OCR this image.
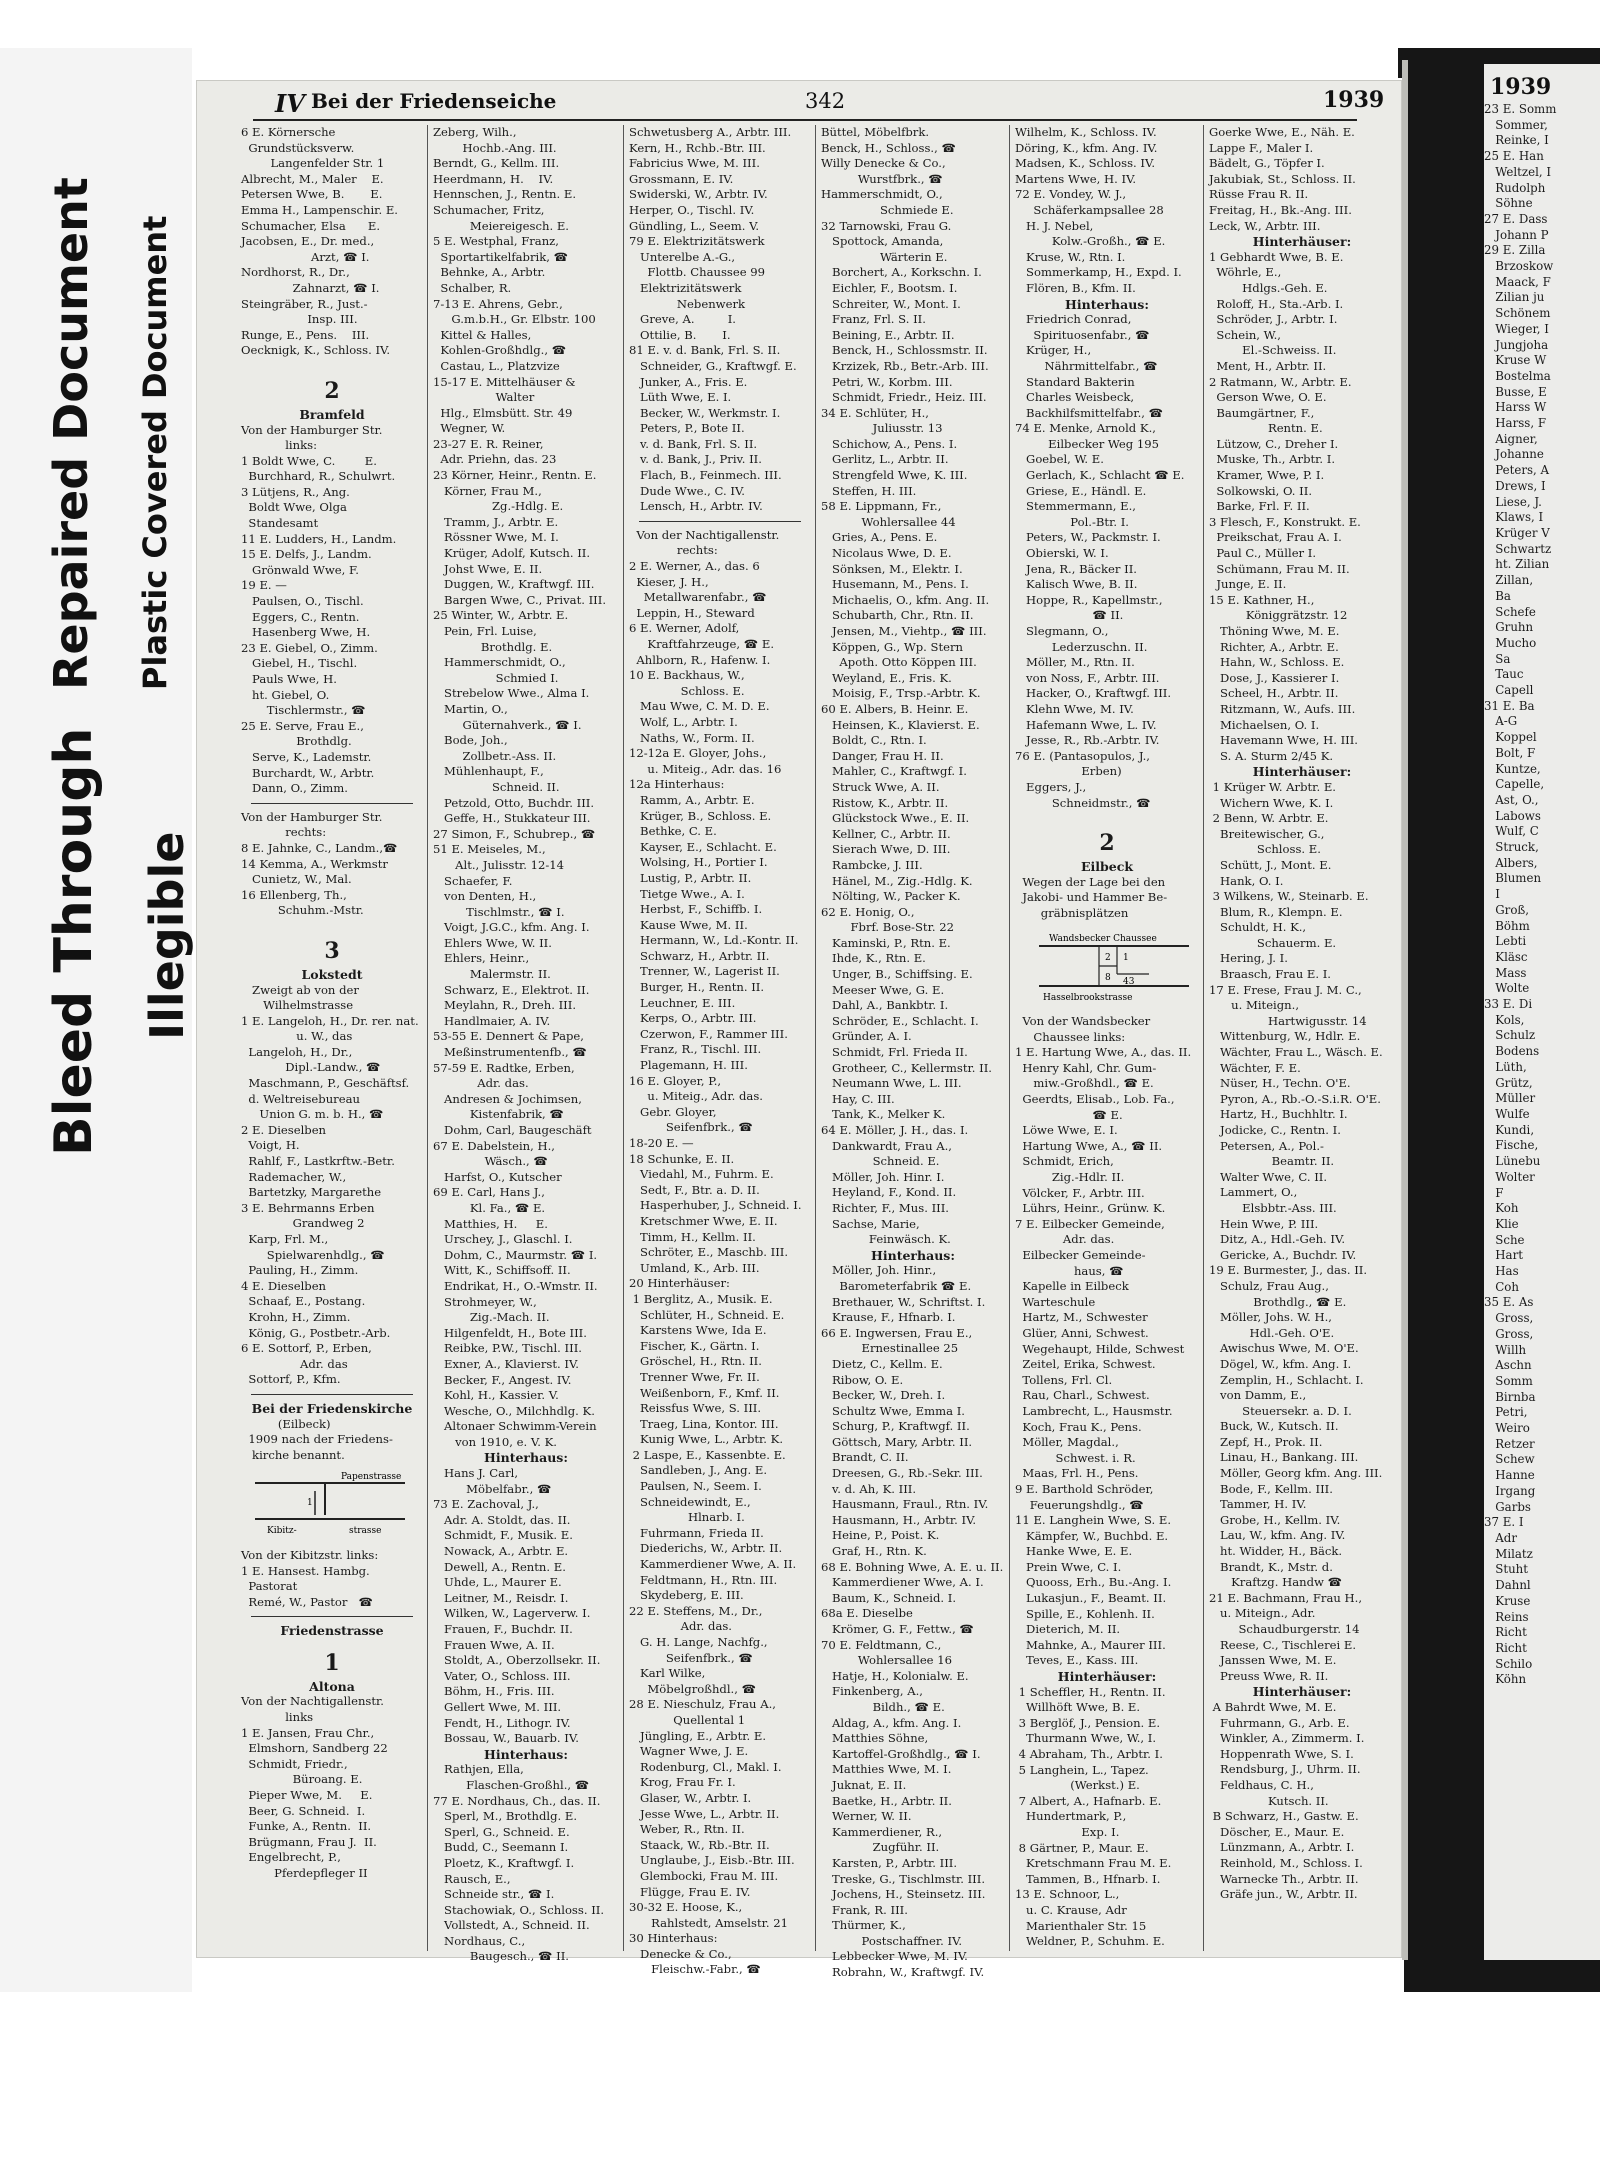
Bleed Through
Repaired Document
Illegible
Plastic Covered Document
IV Bei der Friedenseiche	342	1939
6 E. Körnersche
Grundstücksverw.
Langenfelder Str. 1
Albrecht, M., Maler    E.
Petersen Wwe, B.       E.
Emma H., Lampenschir. E.
Schumacher, Elsa      E.
Jacobsen, E., Dr. med.,
Arzt, ☎ I.
Nordhorst, R., Dr.,
Zahnarzt, ☎ I.
Steingräber, R., Just.-
Insp. III.
Runge, E., Pens.    III.
Oecknigk, K., Schloss. IV.
2
Bramfeld
Von der Hamburger Str.
links:
1 Boldt Wwe, C.        E.
Burchhard, R., Schulwrt.
3 Lütjens, R., Ang.
Boldt Wwe, Olga
Standesamt
11 E. Ludders, H., Landm.
15 E. Delfs, J., Landm.
Grönwald Wwe, F.
19 E. —
Paulsen, O., Tischl.
Eggers, C., Rentn.
Hasenberg Wwe, H.
23 E. Giebel, O., Zimm.
Giebel, H., Tischl.
Pauls Wwe, H.
ht. Giebel, O.
Tischlermstr., ☎
25 E. Serve, Frau E.,
Brothdlg.
Serve, K., Lademstr.
Burchardt, W., Arbtr.
Dann, O., Zimm.
Von der Hamburger Str.
rechts:
8 E. Jahnke, C., Landm.,☎
14 Kemma, A., Werkmstr
Cunietz, W., Mal.
16 Ellenberg, Th.,
Schuhm.-Mstr.
3
Lokstedt
Zweigt ab von der
Wilhelmstrasse
1 E. Langeloh, H., Dr. rer. nat.
u. W., das
Langeloh, H., Dr.,
Dipl.-Landw., ☎
Maschmann, P., Geschäftsf.
d. Weltreisebureau
Union G. m. b. H., ☎
2 E. Dieselben
Voigt, H.
Rahlf, F., Lastkrftw.-Betr.
Rademacher, W.,
Bartetzky, Margarethe
3 E. Behrmanns Erben
Grandweg 2
Karp, Frl. M.,
Spielwarenhdlg., ☎
Pauling, H., Zimm.
4 E. Dieselben
Schaaf, E., Postang.
Krohn, H., Zimm.
König, G., Postbetr.-Arb.
6 E. Sottorf, P., Erben,
Adr. das
Sottorf, P., Kfm.
Bei der Friedenskirche
(Eilbeck)
1909 nach der Friedens-
kirche benannt.
Papenstrasse
1
Kibitz-	strasse
Von der Kibitzstr. links:
1 E. Hansest. Hambg.
Pastorat
Remé, W., Pastor   ☎
Friedenstrasse
1
Altona
Von der Nachtigallenstr.
links
1 E. Jansen, Frau Chr.,
Elmshorn, Sandberg 22
Schmidt, Friedr.,
Büroang. E.
Pieper Wwe, M.     E.
Beer, G. Schneid.  I.
Funke, A., Rentn.  II.
Brügmann, Frau J.  II.
Engelbrecht, P.,
Pferdepfleger II
Zeberg, Wilh.,
Hochb.-Ang. III.
Berndt, G., Kellm. III.
Heerdmann, H.    IV.
Hennschen, J., Rentn. E.
Schumacher, Fritz,
Meiereigesch. E.
5 E. Westphal, Franz,
Sportartikelfabrik, ☎
Behnke, A., Arbtr.
Schalber, R.
7-13 E. Ahrens, Gebr.,
G.m.b.H., Gr. Elbstr. 100
Kittel & Halles,
Kohlen-Großhdlg., ☎
Castau, L., Platzvize
15-17 E. Mittelhäuser &
Walter
Hlg., Elmsbütt. Str. 49
Wegner, W.
23-27 E. R. Reiner,
Adr. Priehn, das. 23
23 Körner, Heinr., Rentn. E.
Körner, Frau M.,
Zg.-Hdlg. E.
Tramm, J., Arbtr. E.
Rössner Wwe, M. I.
Krüger, Adolf, Kutsch. II.
Johst Wwe, E. II.
Duggen, W., Kraftwgf. III.
Bargen Wwe, C., Privat. III.
25 Winter, W., Arbtr. E.
Pein, Frl. Luise,
Brothdlg. E.
Hammerschmidt, O.,
Schmied I.
Strebelow Wwe., Alma I.
Martin, O.,
Güternahverk., ☎ I.
Bode, Joh.,
Zollbetr.-Ass. II.
Mühlenhaupt, F.,
Schneid. II.
Petzold, Otto, Buchdr. III.
Geffe, H., Stukkateur III.
27 Simon, F., Schubrep., ☎
51 E. Meiseles, M.,
Alt., Julisstr. 12-14
Schaefer, F.
von Denten, H.,
Tischlmstr., ☎ I.
Voigt, J.G.C., kfm. Ang. I.
Ehlers Wwe, W. II.
Ehlers, Heinr.,
Malermstr. II.
Schwarz, E., Elektrot. II.
Meylahn, R., Dreh. III.
Handlmaier, A. IV.
53-55 E. Dennert & Pape,
Meßinstrumentenfb., ☎
57-59 E. Radtke, Erben,
Adr. das.
Andresen & Jochimsen,
Kistenfabrik, ☎
Dohm, Carl, Baugeschäft
67 E. Dabelstein, H.,
Wäsch., ☎
Harfst, O., Kutscher
69 E. Carl, Hans J.,
Kl. Fa., ☎ E.
Matthies, H.     E.
Urschey, J., Glaschl. I.
Dohm, C., Maurmstr. ☎ I.
Witt, K., Schiffsoff. II.
Endrikat, H., O.-Wmstr. II.
Strohmeyer, W.,
Zig.-Mach. II.
Hilgenfeldt, H., Bote III.
Reibke, P.W., Tischl. III.
Exner, A., Klavierst. IV.
Becker, F., Angest. IV.
Kohl, H., Kassier. V.
Wesche, O., Milchhdlg. K.
Altonaer Schwimm-Verein
von 1910, e. V. K.
Hinterhaus:
Hans J. Carl,
Möbelfabr., ☎
73 E. Zachoval, J.,
Adr. A. Stoldt, das. II.
Schmidt, F., Musik. E.
Nowack, A., Arbtr. E.
Dewell, A., Rentn. E.
Uhde, L., Maurer E.
Leitner, M., Reisdr. I.
Wilken, W., Lagerverw. I.
Frauen, F., Buchdr. II.
Frauen Wwe, A. II.
Stoldt, A., Oberzollsekr. II.
Vater, O., Schloss. III.
Böhm, H., Fris. III.
Gellert Wwe, M. III.
Fendt, H., Lithogr. IV.
Bossau, W., Bauarb. IV.
Hinterhaus:
Rathjen, Ella,
Flaschen-Großhl., ☎
77 E. Nordhaus, Ch., das. II.
Sperl, M., Brothdlg. E.
Sperl, G., Schneid. E.
Budd, C., Seemann I.
Ploetz, K., Kraftwgf. I.
Rausch, E.,
Schneide str., ☎ I.
Stachowiak, O., Schloss. II.
Vollstedt, A., Schneid. II.
Nordhaus, C.,
Baugesch., ☎ II.
Schwetusberg A., Arbtr. III.
Kern, H., Rchb.-Btr. III.
Fabricius Wwe, M. III.
Grossmann, E. IV.
Swiderski, W., Arbtr. IV.
Herper, O., Tischl. IV.
Gündling, L., Seem. V.
79 E. Elektrizitätswerk
Unterelbe A.-G.,
Flottb. Chaussee 99
Elektrizitätswerk
Nebenwerk
Greve, A.         I.
Ottilie, B.       I.
81 E. v. d. Bank, Frl. S. II.
Schneider, G., Kraftwgf. E.
Junker, A., Fris. E.
Lüth Wwe, E. I.
Becker, W., Werkmstr. I.
Peters, P., Bote II.
v. d. Bank, Frl. S. II.
v. d. Bank, J., Priv. II.
Flach, B., Feinmech. III.
Dude Wwe., C. IV.
Lensch, H., Arbtr. IV.
Von der Nachtigallenstr.
rechts:
2 E. Werner, A., das. 6
Kieser, J. H.,
Metallwarenfabr., ☎
Leppin, H., Steward
6 E. Werner, Adolf,
Kraftfahrzeuge, ☎ E.
Ahlborn, R., Hafenw. I.
10 E. Backhaus, W.,
Schloss. E.
Mau Wwe, C. M. D. E.
Wolf, L., Arbtr. I.
Naths, W., Form. II.
12-12a E. Gloyer, Johs.,
u. Miteig., Adr. das. 16
12a Hinterhaus:
Ramm, A., Arbtr. E.
Krüger, B., Schloss. E.
Bethke, C. E.
Kayser, E., Schlacht. E.
Wolsing, H., Portier I.
Lustig, P., Arbtr. II.
Tietge Wwe., A. I.
Herbst, F., Schiffb. I.
Kause Wwe, M. II.
Hermann, W., Ld.-Kontr. II.
Schwarz, H., Arbtr. II.
Trenner, W., Lagerist II.
Burger, H., Rentn. II.
Leuchner, E. III.
Kerps, O., Arbtr. III.
Czerwon, F., Rammer III.
Franz, R., Tischl. III.
Plagemann, H. III.
16 E. Gloyer, P.,
u. Miteig., Adr. das.
Gebr. Gloyer,
Seifenfbrk., ☎
18-20 E. —
18 Schunke, E. II.
Viedahl, M., Fuhrm. E.
Sedt, F., Btr. a. D. II.
Hasperhuber, J., Schneid. I.
Kretschmer Wwe, E. II.
Timm, H., Kellm. II.
Schröter, E., Maschb. III.
Umland, K., Arb. III.
20 Hinterhäuser:
1 Berglitz, A., Musik. E.
Schlüter, H., Schneid. E.
Karstens Wwe, Ida E.
Fischer, K., Gärtn. I.
Gröschel, H., Rtn. II.
Trenner Wwe, Fr. II.
Weißenborn, F., Kmf. II.
Reissfus Wwe, S. III.
Traeg, Lina, Kontor. III.
Kunig Wwe, L., Arbtr. K.
2 Laspe, E., Kassenbte. E.
Sandleben, J., Ang. E.
Paulsen, N., Seem. I.
Schneidewindt, E.,
Hlnarb. I.
Fuhrmann, Frieda II.
Diederichs, W., Arbtr. II.
Kammerdiener Wwe, A. II.
Feldtmann, H., Rtn. III.
Skydeberg, E. III.
22 E. Steffens, M., Dr.,
Adr. das.
G. H. Lange, Nachfg.,
Seifenfbrk., ☎
Karl Wilke,
Möbelgroßhdl., ☎
28 E. Nieschulz, Frau A.,
Quellental 1
Jüngling, E., Arbtr. E.
Wagner Wwe, J. E.
Rodenburg, Cl., Makl. I.
Krog, Frau Fr. I.
Glaser, W., Arbtr. I.
Jesse Wwe, L., Arbtr. II.
Weber, R., Rtn. II.
Staack, W., Rb.-Btr. II.
Unglaube, J., Eisb.-Btr. III.
Glembocki, Frau M. III.
Flügge, Frau E. IV.
30-32 E. Hoose, K.,
Rahlstedt, Amselstr. 21
30 Hinterhaus:
Denecke & Co.,
Fleischw.-Fabr., ☎
Büttel, Möbelfbrk.
Benck, H., Schloss., ☎
Willy Denecke & Co.,
Wurstfbrk., ☎
Hammerschmidt, O.,
Schmiede E.
32 Tarnowski, Frau G.
Spottock, Amanda,
Wärterin E.
Borchert, A., Korkschn. I.
Eichler, F., Bootsm. I.
Schreiter, W., Mont. I.
Franz, Frl. S. II.
Beining, E., Arbtr. II.
Benck, H., Schlossmstr. II.
Krzizek, Rb., Betr.-Arb. III.
Petri, W., Korbm. III.
Schmidt, Friedr., Heiz. III.
34 E. Schlüter, H.,
Juliusstr. 13
Schichow, A., Pens. I.
Gerlitz, L., Arbtr. II.
Strengfeld Wwe, K. III.
Steffen, H. III.
58 E. Lippmann, Fr.,
Wohlersallee 44
Gries, A., Pens. E.
Nicolaus Wwe, D. E.
Sönksen, M., Elektr. I.
Husemann, M., Pens. I.
Michaelis, O., kfm. Ang. II.
Schubarth, Chr., Rtn. II.
Jensen, M., Viehtp., ☎ III.
Köppen, G., Wp. Stern
Apoth. Otto Köppen III.
Weyland, E., Fris. K.
Moisig, F., Trsp.-Arbtr. K.
60 E. Albers, B. Heinr. E.
Heinsen, K., Klavierst. E.
Boldt, C., Rtn. I.
Danger, Frau H. II.
Mahler, C., Kraftwgf. I.
Struck Wwe, A. II.
Ristow, K., Arbtr. II.
Glückstock Wwe., E. II.
Kellner, C., Arbtr. II.
Sierach Wwe, D. III.
Rambcke, J. III.
Hänel, M., Zig.-Hdlg. K.
Nölting, W., Packer K.
62 E. Honig, O.,
Fbrf. Bose-Str. 22
Kaminski, P., Rtn. E.
Ihde, K., Rtn. E.
Unger, B., Schiffsing. E.
Meeser Wwe, G. E.
Dahl, A., Bankbtr. I.
Schröder, E., Schlacht. I.
Gründer, A. I.
Schmidt, Frl. Frieda II.
Grotheer, C., Kellermstr. II.
Neumann Wwe, L. III.
Hay, C. III.
Tank, K., Melker K.
64 E. Möller, J. H., das. I.
Dankwardt, Frau A.,
Schneid. E.
Möller, Joh. Hinr. I.
Heyland, F., Kond. II.
Richter, F., Mus. III.
Sachse, Marie,
Feinwäsch. K.
Hinterhaus:
Möller, Joh. Hinr.,
Barometerfabrik ☎ E.
Brethauer, W., Schriftst. I.
Krause, F., Hfnarb. I.
66 E. Ingwersen, Frau E.,
Ernestinallee 25
Dietz, C., Kellm. E.
Ribow, O. E.
Becker, W., Dreh. I.
Schultz Wwe, Emma I.
Schurg, P., Kraftwgf. II.
Göttsch, Mary, Arbtr. II.
Brandt, C. II.
Dreesen, G., Rb.-Sekr. III.
v. d. Ah, K. III.
Hausmann, Fraul., Rtn. IV.
Hausmann, H., Arbtr. IV.
Heine, P., Poist. K.
Graf, H., Rtn. K.
68 E. Bohning Wwe, A. E. u. II.
Kammerdiener Wwe, A. I.
Baum, K., Schneid. I.
68a E. Dieselbe
Krömer, G. F., Fettw., ☎
70 E. Feldtmann, C.,
Wohlersallee 16
Hatje, H., Kolonialw. E.
Finkenberg, A.,
Bildh., ☎ E.
Aldag, A., kfm. Ang. I.
Matthies Söhne,
Kartoffel-Großhdlg., ☎ I.
Matthies Wwe, M. I.
Juknat, E. II.
Baetke, H., Arbtr. II.
Werner, W. II.
Kammerdiener, R.,
Zugführ. II.
Karsten, P., Arbtr. III.
Treske, G., Tischlmstr. III.
Jochens, H., Steinsetz. III.
Frank, R. III.
Thürmer, K.,
Postschaffner. IV.
Lebbecker Wwe, M. IV.
Robrahn, W., Kraftwgf. IV.
Wilhelm, K., Schloss. IV.
Döring, K., kfm. Ang. IV.
Madsen, K., Schloss. IV.
Martens Wwe, H. IV.
72 E. Vondey, W. J.,
Schäferkampsallee 28
H. J. Nebel,
Kolw.-Großh., ☎ E.
Kruse, W., Rtn. I.
Sommerkamp, H., Expd. I.
Flören, B., Kfm. II.
Hinterhaus:
Friedrich Conrad,
Spirituosenfabr., ☎
Krüger, H.,
Nährmittelfabr., ☎
Standard Bakterin
Charles Weisbeck,
Backhilfsmittelfabr., ☎
74 E. Menke, Arnold K.,
Eilbecker Weg 195
Goebel, W. E.
Gerlach, K., Schlacht ☎ E.
Griese, E., Händl. E.
Stemmermann, E.,
Pol.-Btr. I.
Peters, W., Packmstr. I.
Obierski, W. I.
Jena, R., Bäcker II.
Kalisch Wwe, B. II.
Hoppe, R., Kapellmstr.,
☎ II.
Slegmann, O.,
Lederzuschn. II.
Möller, M., Rtn. II.
von Noss, F., Arbtr. III.
Hacker, O., Kraftwgf. III.
Klehn Wwe, M. IV.
Hafemann Wwe, L. IV.
Jesse, R., Rb.-Arbtr. IV.
76 E. (Pantasopulos, J.,
Erben)
Eggers, J.,
Schneidmstr., ☎
2
Eilbeck
Wegen der Lage bei den
Jakobi- und Hammer Be-
gräbnisplätzen
Wandsbecker Chaussee
Hasselbrookstrasse
2 1
8 43
Von der Wandsbecker
Chaussee links:
1 E. Hartung Wwe, A., das. II.
Henry Kahl, Chr. Gum-
miw.-Großhdl., ☎ E.
Geerdts, Elisab., Lob. Fa.,
☎ E.
Löwe Wwe, E. I.
Hartung Wwe, A., ☎ II.
Schmidt, Erich,
Zig.-Hdlr. II.
Völcker, F., Arbtr. III.
Lührs, Heinr., Grünw. K.
7 E. Eilbecker Gemeinde,
Adr. das.
Eilbecker Gemeinde-
haus, ☎
Kapelle in Eilbeck
Warteschule
Hartz, M., Schwester
Glüer, Anni, Schwest.
Wegehaupt, Hilde, Schwest
Zeitel, Erika, Schwest.
Tollens, Frl. Cl.
Rau, Charl., Schwest.
Lambrecht, L., Hausmstr.
Koch, Frau K., Pens.
Möller, Magdal.,
Schwest. i. R.
Maas, Frl. H., Pens.
9 E. Barthold Schröder,
Feuerungshdlg., ☎
11 E. Langhein Wwe, S. E.
Kämpfer, W., Buchbd. E.
Hanke Wwe, E. E.
Prein Wwe, C. I.
Quooss, Erh., Bu.-Ang. I.
Lukasjun., F., Beamt. II.
Spille, E., Kohlenh. II.
Dieterich, M. II.
Mahnke, A., Maurer III.
Teves, E., Kass. III.
Hinterhäuser:
1 Scheffler, H., Rentn. II.
Willhöft Wwe, B. E.
3 Berglöf, J., Pension. E.
Thurmann Wwe, W., I.
4 Abraham, Th., Arbtr. I.
5 Langhein, L., Tapez.
(Werkst.) E.
7 Albert, A., Hafnarb. E.
Hundertmark, P.,
Exp. I.
8 Gärtner, P., Maur. E.
Kretschmann Frau M. E.
Tammen, B., Hfnarb. I.
13 E. Schnoor, L.,
u. C. Krause, Adr
Marienthaler Str. 15
Weldner, P., Schuhm. E.
Goerke Wwe, E., Näh. E.
Lappe F., Maler I.
Bädelt, G., Töpfer I.
Jakubiak, St., Schloss. II.
Rüsse Frau R. II.
Freitag, H., Bk.-Ang. III.
Leck, W., Arbtr. III.
Hinterhäuser:
1 Gebhardt Wwe, B. E.
Wöhrle, E.,
Hdlgs.-Geh. E.
Roloff, H., Sta.-Arb. I.
Schröder, J., Arbtr. I.
Schein, W.,
El.-Schweiss. II.
Ment, H., Arbtr. II.
2 Ratmann, W., Arbtr. E.
Gerson Wwe, O. E.
Baumgärtner, F.,
Rentn. E.
Lützow, C., Dreher I.
Muske, Th., Arbtr. I.
Kramer, Wwe, P. I.
Solkowski, O. II.
Barke, Frl. F. II.
3 Flesch, F., Konstrukt. E.
Preikschat, Frau A. I.
Paul C., Müller I.
Schümann, Frau M. II.
Junge, E. II.
15 E. Kathner, H.,
Königgrätzstr. 12
Thöning Wwe, M. E.
Richter, A., Arbtr. E.
Hahn, W., Schloss. E.
Dose, J., Kassierer I.
Scheel, H., Arbtr. II.
Ritzmann, W., Aufs. III.
Michaelsen, O. I.
Havemann Wwe, H. III.
S. A. Sturm 2/45 K.
Hinterhäuser:
1 Krüger W. Arbtr. E.
Wichern Wwe, K. I.
2 Benn, W. Arbtr. E.
Breitewischer, G.,
Schloss. E.
Schütt, J., Mont. E.
Hank, O. I.
3 Wilkens, W., Steinarb. E.
Blum, R., Klempn. E.
Schuldt, H. K.,
Schauerm. E.
Hering, J. I.
Braasch, Frau E. I.
17 E. Frese, Frau J. M. C.,
u. Miteign.,
Hartwigusstr. 14
Wittenburg, W., Hdlr. E.
Wächter, Frau L., Wäsch. E.
Wächter, F. E.
Nüser, H., Techn. O'E.
Pyron, A., Rb.-O.-S.i.R. O'E.
Hartz, H., Buchhltr. I.
Jodicke, C., Rentn. I.
Petersen, A., Pol.-
Beamtr. II.
Walter Wwe, C. II.
Lammert, O.,
Elsbbtr.-Ass. III.
Hein Wwe, P. III.
Ditz, A., Hdl.-Geh. IV.
Gericke, A., Buchdr. IV.
19 E. Burmester, J., das. II.
Schulz, Frau Aug.,
Brothdlg., ☎ E.
Möller, Johs. W. H.,
Hdl.-Geh. O'E.
Awischus Wwe, M. O'E.
Dögel, W., kfm. Ang. I.
Zemplin, H., Schlacht. I.
von Damm, E.,
Steuersekr. a. D. I.
Buck, W., Kutsch. II.
Zepf, H., Prok. II.
Linau, H., Bankang. III.
Möller, Georg kfm. Ang. III.
Bode, F., Kellm. III.
Tammer, H. IV.
Grobe, H., Kellm. IV.
Lau, W., kfm. Ang. IV.
ht. Widder, H., Bäck.
Brandt, K., Mstr. d.
Kraftzg. Handw ☎
21 E. Bachmann, Frau H.,
u. Miteign., Adr.
Schaudburgerstr. 14
Reese, C., Tischlerei E.
Janssen Wwe, M. E.
Preuss Wwe, R. II.
Hinterhäuser:
A Bahrdt Wwe, M. E.
Fuhrmann, G., Arb. E.
Winkler, A., Zimmerm. I.
Hoppenrath Wwe, S. I.
Rendsburg, J., Uhrm. II.
Feldhaus, C. H.,
Kutsch. II.
B Schwarz, H., Gastw. E.
Döscher, E., Maur. E.
Lünzmann, A., Arbtr. I.
Reinhold, M., Schloss. I.
Warnecke Th., Arbtr. II.
Gräfe jun., W., Arbtr. II.
1939
23 E. Somm
Sommer,
Reinke, I
25 E. Han
Weltzel, I
Rudolph
Söhne
27 E. Dass
Johann P
29 E. Zilla
Brzoskow
Maack, F
Zilian ju
Schönem
Wieger, I
Jungjoha
Kruse W
Bostelma
Busse, E
Harss W
Harss, F
Aigner,
Johanne
Peters, A
Drews, I
Liese, J.
Klaws, I
Krüger V
Schwartz
ht. Zilian
Zillan,
Ba
Schefe
Gruhn
Mucho
Sa
Tauc
Capell
31 E. Ba
A-G
Koppel
Bolt, F
Kuntze,
Capelle,
Ast, O.,
Labows
Wulf, C
Struck,
Albers,
Blumen
I
Groß,
Böhm
Lebti
Kläsc
Mass
Wolte
33 E. Di
Kols,
Schulz
Bodens
Lüth,
Grütz,
Müller
Wulfe
Kundi,
Fische,
Lünebu
Wolter
F
Koh
Klie
Sche
Hart
Has
Coh
35 E. As
Gross,
Gross,
Willh
Aschn
Somm
Birnba
Petri,
Weiro
Retzer
Schew
Hanne
Irgang
Garbs
37 E. I
Adr
Milatz
Stuht
Dahnl
Kruse
Reins
Richt
Richt
Schilo
Köhn
